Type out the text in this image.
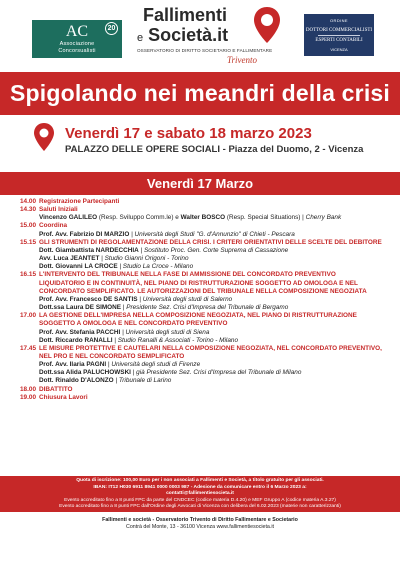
AC	20
Associazione
Concorsualisti
Fallimenti
e Società.it
OSSERVATORIO DI DIRITTO SOCIETARIO E FALLIMENTARE
Trivento
ORDINE
DOTTORI COMMERCIALISTI
ESPERTI CONTABILI
VICENZA
Spigolando nei meandri della crisi
Venerdì 17 e sabato 18 marzo 2023
PALAZZO DELLE OPERE SOCIALI - Piazza del Duomo, 2 - Vicenza
Venerdì 17 Marzo
14.00 Registrazione Partecipanti
14.30 Saluti Iniziali
Vincenzo GALILEO (Resp. Sviluppo Comm.le) e Walter BOSCO (Resp. Special Situations) | Cherry Bank
15.00 Coordina
Prof. Avv. Fabrizio DI MARZIO | Università degli Studi "G. d'Annunzio" di Chieti - Pescara
15.15 GLI STRUMENTI DI REGOLAMENTAZIONE DELLA CRISI. I CRITERI ORIENTATIVI DELLE SCELTE DEL DEBITORE
Dott. Giambattista NARDECCHIA | Sostituto Proc. Gen. Corte Suprema di Cassazione
Avv. Luca JEANTET | Studio Gianni Origoni - Torino
Dott. Giovanni LA CROCE | Studio La Croce - Milano
16.15 L'INTERVENTO DEL TRIBUNALE NELLA FASE DI AMMISSIONE DEL CONCORDATO PREVENTIVO
LIQUIDATORIO E IN CONTINUITÀ, NEL PIANO DI RISTRUTTURAZIONE SOGGETTO AD OMOLOGA E NEL
CONCORDATO SEMPLIFICATO. LE AUTORIZZAZIONI DEL TRIBUNALE NELLA COMPOSIZIONE NEGOZIATA
Prof. Avv. Francesco DE SANTIS | Università degli studi di Salerno
Dott.ssa Laura DE SIMONE | Presidente Sez. Crisi d'Impresa del Tribunale di Bergamo
17.00 LA GESTIONE DELL'IMPRESA NELLA COMPOSIZIONE NEGOZIATA, NEL PIANO DI RISTRUTTURAZIONE
SOGGETTO A OMOLOGA E NEL CONCORDATO PREVENTIVO
Prof. Avv. Stefania PACCHI | Università degli studi di Siena
Dott. Riccardo RANALLI | Studio Ranalli & Associati - Torino - Milano
17.45 LE MISURE PROTETTIVE E CAUTELARI NELLA COMPOSIZIONE NEGOZIATA, NEL CONCORDATO PREVENTIVO,
NEL PRO E NEL CONCORDATO SEMPLIFICATO
Prof. Avv. Ilaria PAGNI | Università degli studi di Firenze
Dott.ssa Alida PALUCHOWSKI | già Presidente Sez. Crisi d'Impresa del Tribunale di Milano
Dott. Rinaldo D'ALONZO | Tribunale di Larino
18.00 DIBATTITO
19.00 Chiusura Lavori
Quota di iscrizione: 100,00 Euro per i non associati a Fallimenti e Società, a titolo gratuito per gli associati.
IBAN: IT12 H030 6911 8941 0000 0003 987 - Adesione da comunicare entro il 6 Marzo 2023 a:
contatti@fallimentiesocieta.it
Evento accreditato fino a 8 punti FPC da parte del CNDCEC (codice materia D.4.20) e MEF Gruppo A (codice materia A.3.27)
Evento accreditato fino a 8 punti FPC dall'Ordine degli Avvocati di Vicenza con delibera del 6.02.2023 (materie non caratterizzanti)
Fallimenti e società - Osservatorio Trivento di Diritto Fallimentare e Societario
Contrà del Monte, 13 - 36100 Vicenza www.fallimentiesocieta.it
